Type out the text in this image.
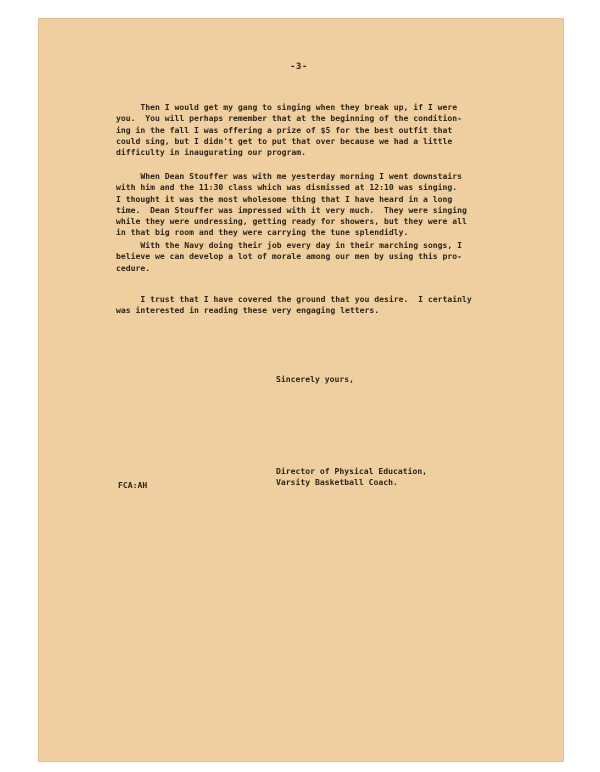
-3-
Then I would get my gang to singing when they break up, if I were
you.  You will perhaps remember that at the beginning of the condition-
ing in the fall I was offering a prize of $5 for the best outfit that
could sing, but I didn't get to put that over because we had a little
difficulty in inaugurating our program.
When Dean Stouffer was with me yesterday morning I went downstairs
with him and the 11:30 class which was dismissed at 12:10 was singing.
I thought it was the most wholesome thing that I have heard in a long
time.  Dean Stouffer was impressed with it very much.  They were singing
while they were undressing, getting ready for showers, but they were all
in that big room and they were carrying the tune splendidly.
With the Navy doing their job every day in their marching songs, I
believe we can develop a lot of morale among our men by using this pro-
cedure.
I trust that I have covered the ground that you desire.  I certainly
was interested in reading these very engaging letters.
Sincerely yours,
Director of Physical Education,
Varsity Basketball Coach.
FCA:AH
